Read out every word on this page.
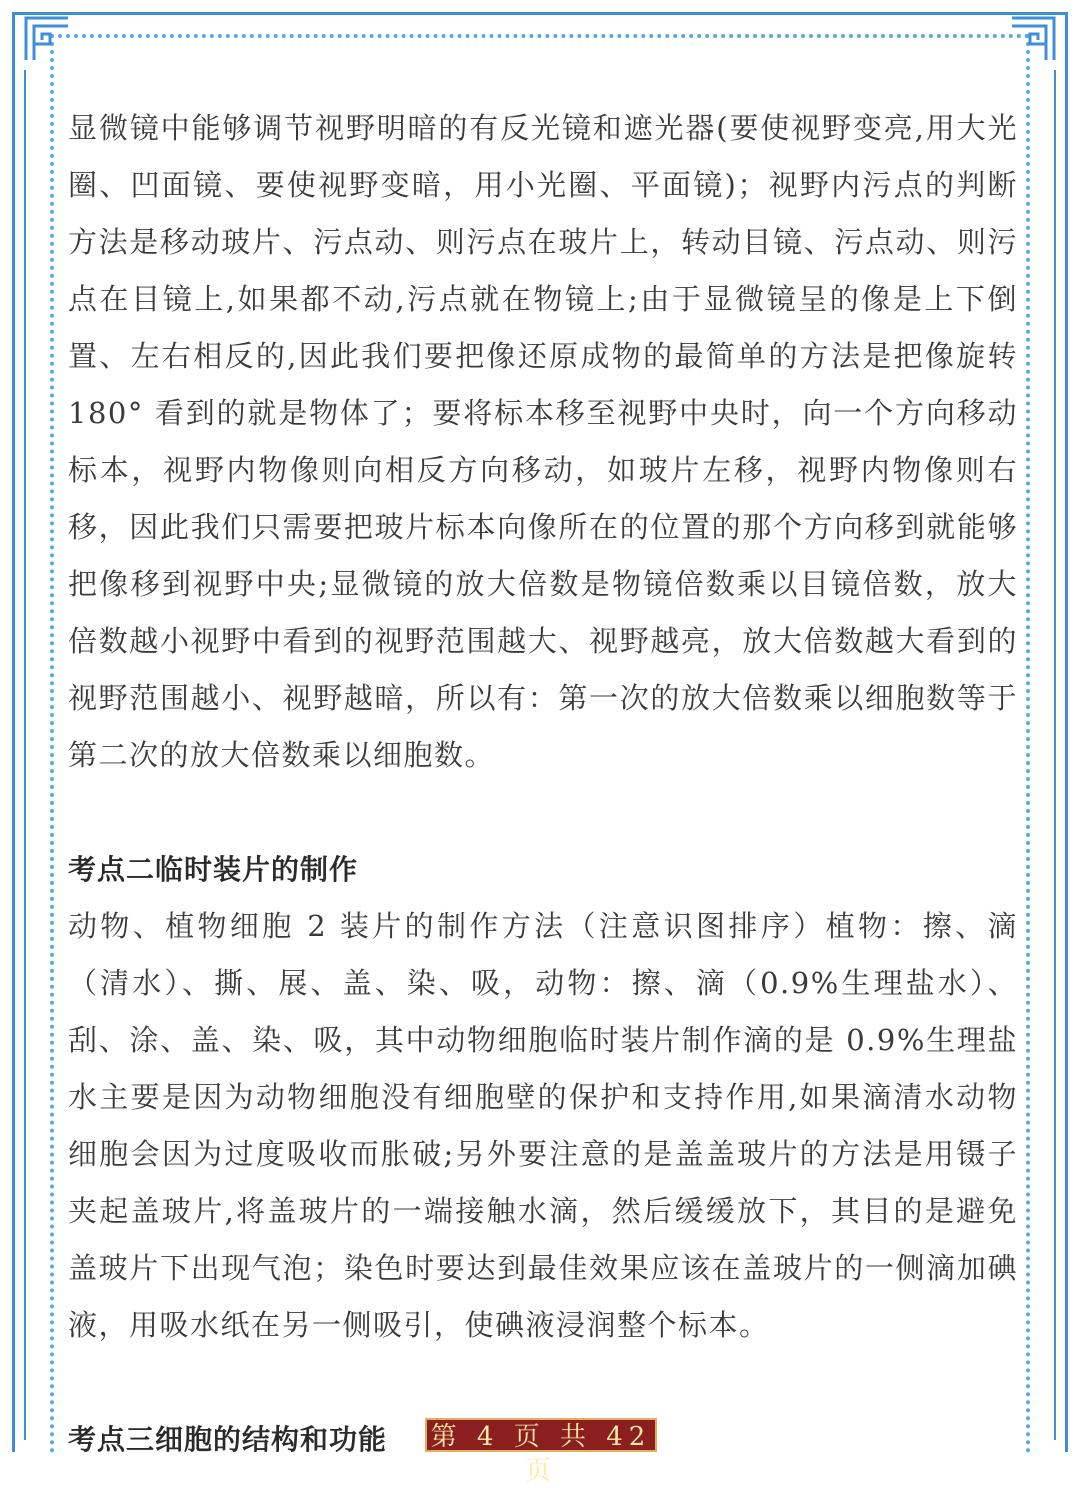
显微镜中能够调节视野明暗的有反光镜和遮光器(要使视野变亮,用大光圈、凹面镜、要使视野变暗，用小光圈、平面镜)；视野内污点的判断方法是移动玻片、污点动、则污点在玻片上，转动目镜、污点动、则污点在目镜上,如果都不动,污点就在物镜上;由于显微镜呈的像是上下倒置、左右相反的,因此我们要把像还原成物的最简单的方法是把像旋转180° 看到的就是物体了；要将标本移至视野中央时，向一个方向移动标本，视野内物像则向相反方向移动，如玻片左移，视野内物像则右移，因此我们只需要把玻片标本向像所在的位置的那个方向移到就能够把像移到视野中央;显微镜的放大倍数是物镜倍数乘以目镜倍数，放大倍数越小视野中看到的视野范围越大、视野越亮，放大倍数越大看到的视野范围越小、视野越暗，所以有：第一次的放大倍数乘以细胞数等于第二次的放大倍数乘以细胞数。

考点二临时装片的制作

动物、植物细胞 2 装片的制作方法（注意识图排序）植物：擦、滴（清水）、撕、展、盖、染、吸，动物：擦、滴（0.9%生理盐水）、刮、涂、盖、染、吸，其中动物细胞临时装片制作滴的是 0.9%生理盐水主要是因为动物细胞没有细胞壁的保护和支持作用,如果滴清水动物细胞会因为过度吸收而胀破;另外要注意的是盖盖玻片的方法是用镊子夹起盖玻片,将盖玻片的一端接触水滴，然后缓缓放下，其目的是避免盖玻片下出现气泡；染色时要达到最佳效果应该在盖玻片的一侧滴加碘液，用吸水纸在另一侧吸引，使碘液浸润整个标本。

考点三细胞的结构和功能	第 4 页 共 42 页
